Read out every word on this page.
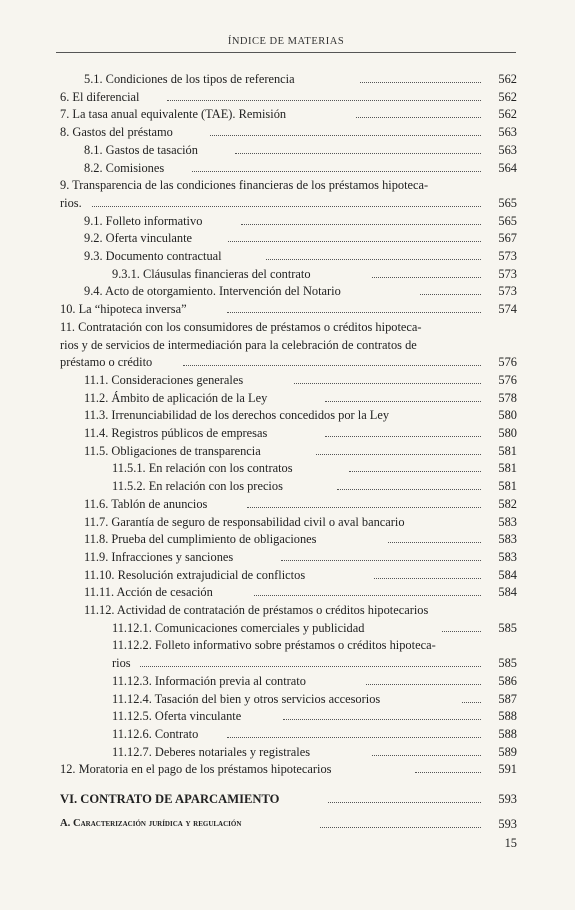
ÍNDICE DE MATERIAS
5.1. Condiciones de los tipos de referencia	562
6. El diferencial	562
7. La tasa anual equivalente (TAE). Remisión	562
8. Gastos del préstamo	563
8.1. Gastos de tasación	563
8.2. Comisiones	564
9. Transparencia de las condiciones financieras de los préstamos hipoteca-
rios.	565
9.1. Folleto informativo	565
9.2. Oferta vinculante	567
9.3. Documento contractual	573
9.3.1. Cláusulas financieras del contrato	573
9.4. Acto de otorgamiento. Intervención del Notario	573
10. La “hipoteca inversa”	574
11. Contratación con los consumidores de préstamos o créditos hipoteca-
rios y de servicios de intermediación para la celebración de contratos de
préstamo o crédito	576
11.1. Consideraciones generales	576
11.2. Ámbito de aplicación de la Ley	578
11.3. Irrenunciabilidad de los derechos concedidos por la Ley	580
11.4. Registros públicos de empresas	580
11.5. Obligaciones de transparencia	581
11.5.1. En relación con los contratos	581
11.5.2. En relación con los precios	581
11.6. Tablón de anuncios	582
11.7. Garantía de seguro de responsabilidad civil o aval bancario	583
11.8. Prueba del cumplimiento de obligaciones	583
11.9. Infracciones y sanciones	583
11.10. Resolución extrajudicial de conflictos	584
11.11. Acción de cesación	584
11.12. Actividad de contratación de préstamos o créditos hipotecarios
11.12.1. Comunicaciones comerciales y publicidad	585
11.12.2. Folleto informativo sobre préstamos o créditos hipoteca-
rios	585
11.12.3. Información previa al contrato	586
11.12.4. Tasación del bien y otros servicios accesorios	587
11.12.5. Oferta vinculante	588
11.12.6. Contrato	588
11.12.7. Deberes notariales y registrales	589
12. Moratoria en el pago de los préstamos hipotecarios	591
VI. CONTRATO DE APARCAMIENTO	593
A. Caracterización jurídica y regulación	593
15
